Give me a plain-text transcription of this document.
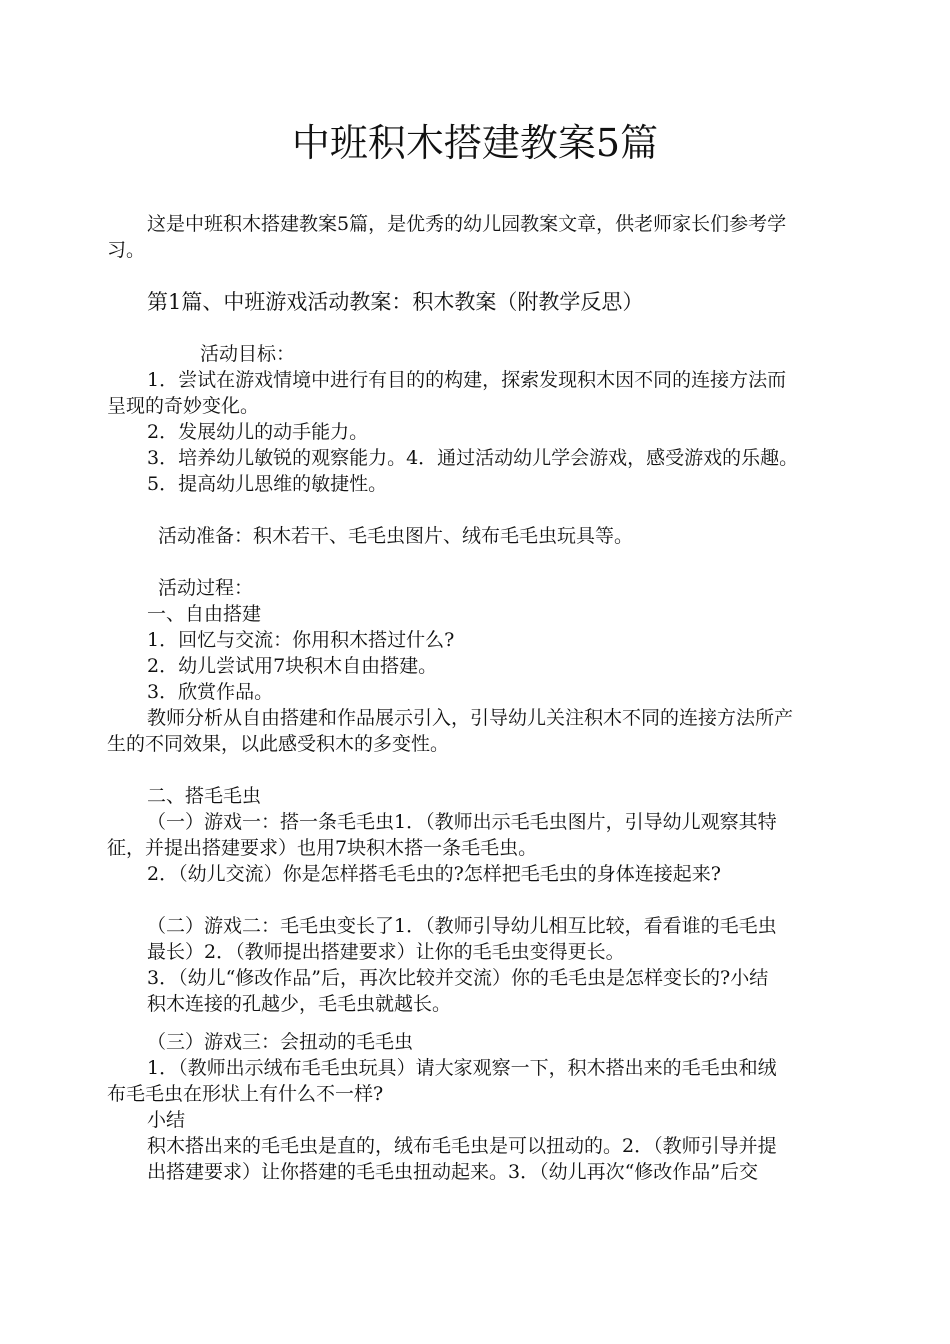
中班积木搭建教案5篇
这是中班积木搭建教案5篇，是优秀的幼儿园教案文章，供老师家长们参考学
习。
第1篇、中班游戏活动教案：积木教案（附教学反思）
活动目标：
1．尝试在游戏情境中进行有目的的构建，探索发现积木因不同的连接方法而
呈现的奇妙变化。
2．发展幼儿的动手能力。
3．培养幼儿敏锐的观察能力。4．通过活动幼儿学会游戏，感受游戏的乐趣。
5．提高幼儿思维的敏捷性。
活动准备：积木若干、毛毛虫图片、绒布毛毛虫玩具等。
活动过程：
一、自由搭建
1．回忆与交流：你用积木搭过什么?
2．幼儿尝试用7块积木自由搭建。
3．欣赏作品。
教师分析从自由搭建和作品展示引入，引导幼儿关注积木不同的连接方法所产
生的不同效果，以此感受积木的多变性。
二、搭毛毛虫
（一）游戏一：搭一条毛毛虫1．（教师出示毛毛虫图片，引导幼儿观察其特
征，并提出搭建要求）也用7块积木搭一条毛毛虫。
2．（幼儿交流）你是怎样搭毛毛虫的?怎样把毛毛虫的身体连接起来?
（二）游戏二：毛毛虫变长了1．（教师引导幼儿相互比较，看看谁的毛毛虫
最长）2．（教师提出搭建要求）让你的毛毛虫变得更长。
3．（幼儿“修改作品”后，再次比较并交流）你的毛毛虫是怎样变长的?小结
积木连接的孔越少，毛毛虫就越长。
（三）游戏三：会扭动的毛毛虫
1．（教师出示绒布毛毛虫玩具）请大家观察一下，积木搭出来的毛毛虫和绒
布毛毛虫在形状上有什么不一样?
小结
积木搭出来的毛毛虫是直的，绒布毛毛虫是可以扭动的。2．（教师引导并提
出搭建要求）让你搭建的毛毛虫扭动起来。3．（幼儿再次“修改作品”后交
